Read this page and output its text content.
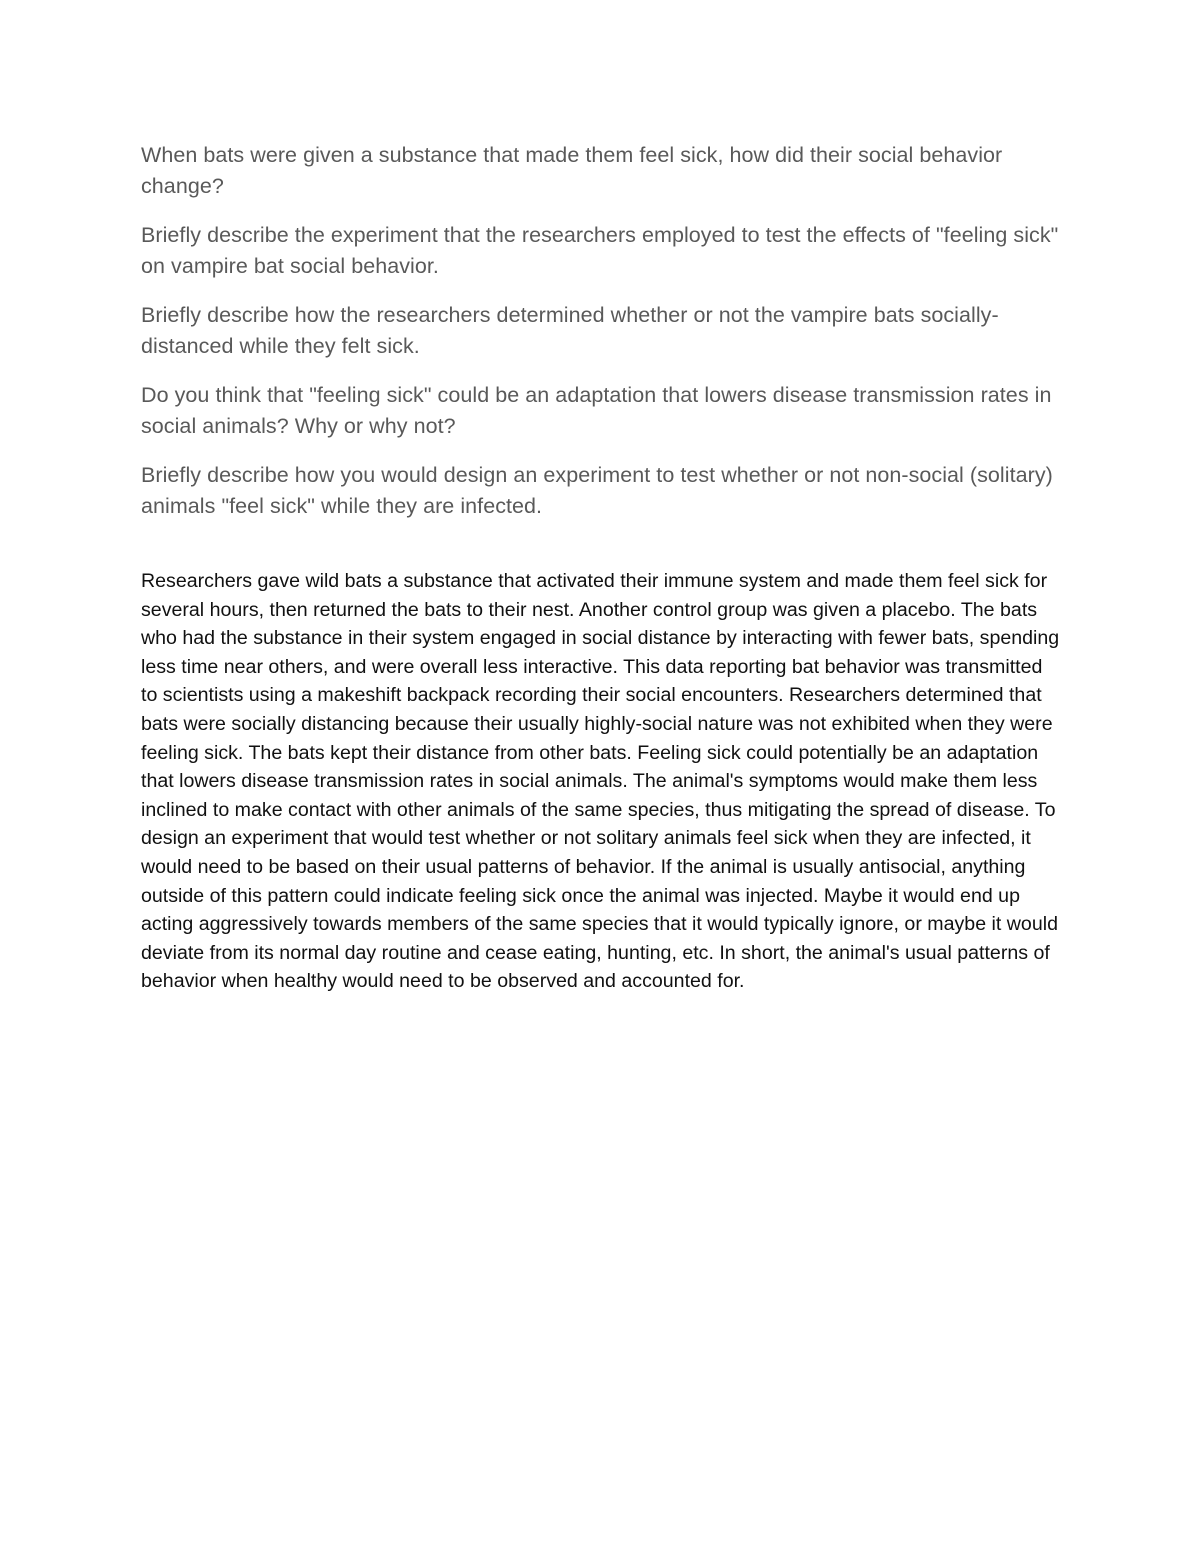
When bats were given a substance that made them feel sick, how did their social behavior change?

Briefly describe the experiment that the researchers employed to test the effects of "feeling sick" on vampire bat social behavior.

Briefly describe how the researchers determined whether or not the vampire bats socially-distanced while they felt sick.

Do you think that "feeling sick" could be an adaptation that lowers disease transmission rates in social animals? Why or why not?

Briefly describe how you would design an experiment to test whether or not non-social (solitary) animals "feel sick" while they are infected.

Researchers gave wild bats a substance that activated their immune system and made them feel sick for several hours, then returned the bats to their nest. Another control group was given a placebo. The bats who had the substance in their system engaged in social distance by interacting with fewer bats, spending less time near others, and were overall less interactive. This data reporting bat behavior was transmitted to scientists using a makeshift backpack recording their social encounters. Researchers determined that bats were socially distancing because their usually highly-social nature was not exhibited when they were feeling sick. The bats kept their distance from other bats. Feeling sick could potentially be an adaptation that lowers disease transmission rates in social animals. The animal's symptoms would make them less inclined to make contact with other animals of the same species, thus mitigating the spread of disease. To design an experiment that would test whether or not solitary animals feel sick when they are infected, it would need to be based on their usual patterns of behavior. If the animal is usually antisocial, anything outside of this pattern could indicate feeling sick once the animal was injected. Maybe it would end up acting aggressively towards members of the same species that it would typically ignore, or maybe it would deviate from its normal day routine and cease eating, hunting, etc. In short, the animal's usual patterns of behavior when healthy would need to be observed and accounted for.
